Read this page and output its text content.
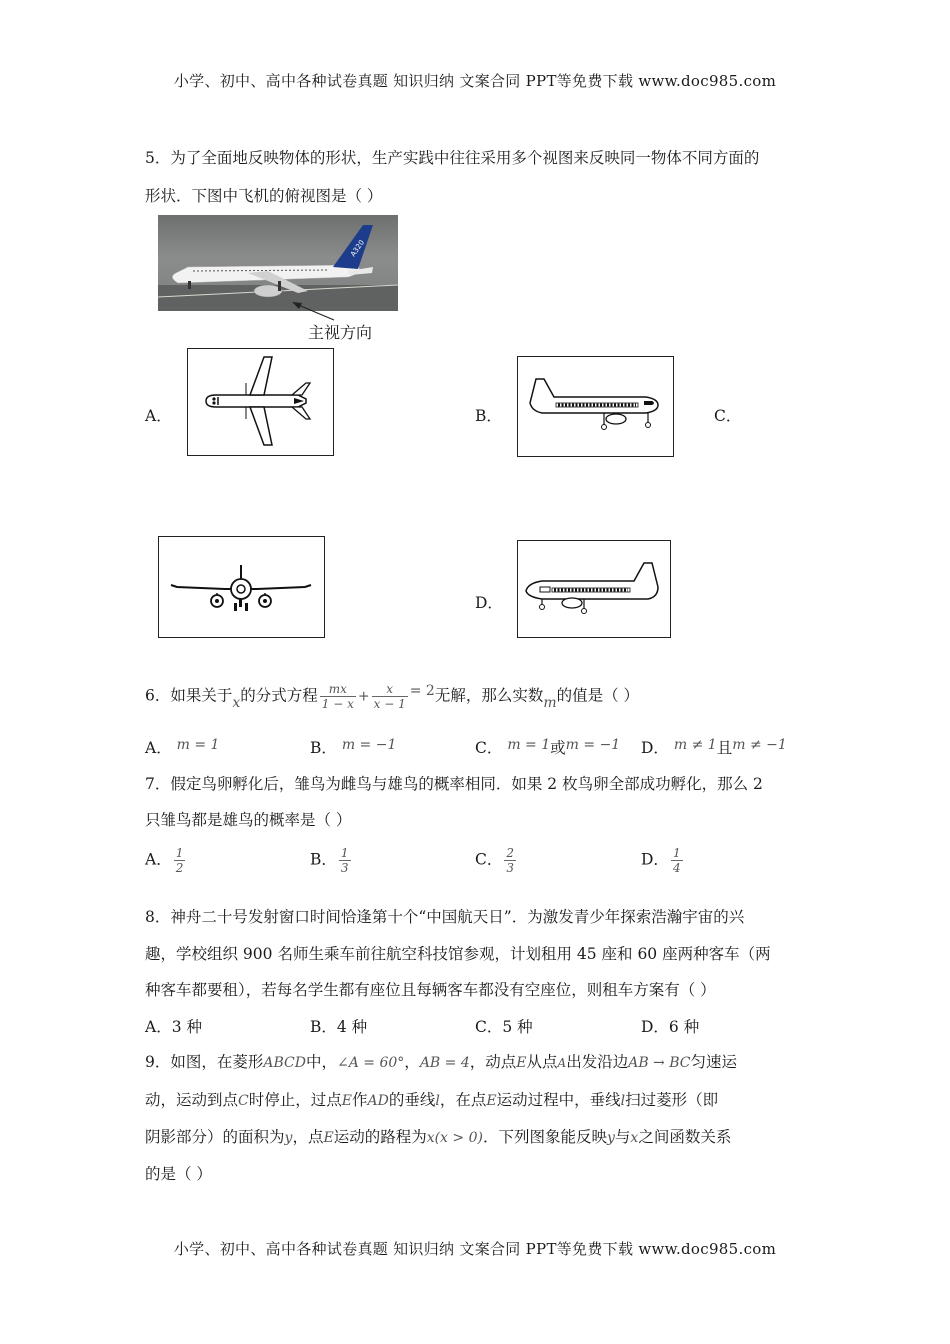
小学、初中、高中各种试卷真题 知识归纳 文案合同 PPT等免费下载 www.doc985.com
5．为了全面地反映物体的形状，生产实践中往往采用多个视图来反映同一物体不同方面的
形状．下图中飞机的俯视图是（ ）
A320
主视方向
A．	B．	C．
D．
6．如果关于x的分式方程 $\frac{mx}{1 - x} + \frac{x}{x - 1} = 2$无解，那么实数m的值是（ ）
A． m = 1	B． m = −1	C． m = 1或m = −1 D． m ≠ 1且m ≠ −1
7．假定鸟卵孵化后，雏鸟为雌鸟与雄鸟的概率相同．如果 2 枚鸟卵全部成功孵化，那么 2
只雏鸟都是雄鸟的概率是（ ）
A． $\frac{1}{2}$	B． $\frac{1}{3}$	C． $\frac{2}{3}$	D． $\frac{1}{4}$
8．神舟二十号发射窗口时间恰逢第十个“中国航天日”．为激发青少年探索浩瀚宇宙的兴
趣，学校组织 900 名师生乘车前往航空科技馆参观，计划租用 45 座和 60 座两种客车（两
种客车都要租），若每名学生都有座位且每辆客车都没有空座位，则租车方案有（ ）
A．3 种	B．4 种	C．5 种	D．6 种
9．如图，在菱形ABCD中，∠A = 60°，AB = 4，动点E从点A出发沿边AB → BC匀速运
动，运动到点C时停止，过点E作AD的垂线l，在点E运动过程中，垂线l扫过菱形（即
阴影部分）的面积为y，点E运动的路程为x(x > 0)．下列图象能反映y与x之间函数关系
的是（ ）
小学、初中、高中各种试卷真题 知识归纳 文案合同 PPT等免费下载 www.doc985.com
